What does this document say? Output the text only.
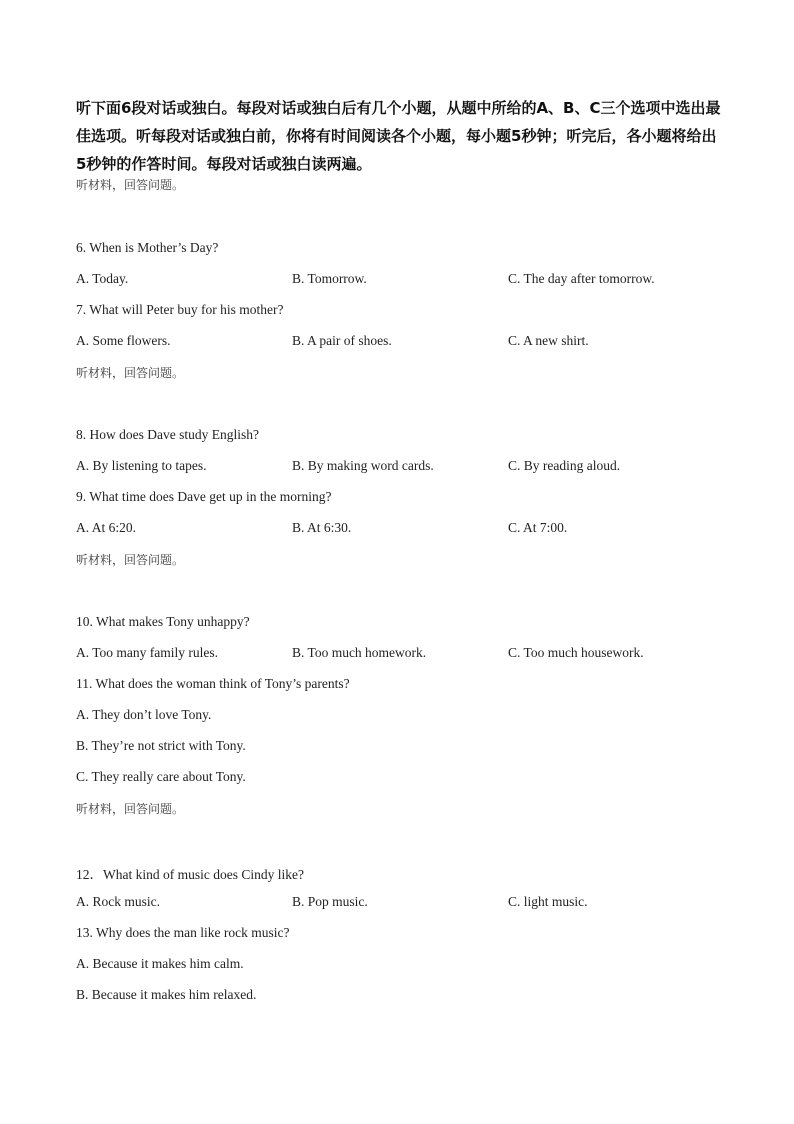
听下面6段对话或独白。每段对话或独白后有几个小题，从题中所给的A、B、C三个选项中选出最佳选项。听每段对话或独白前，你将有时间阅读各个小题，每小题5秒钟；听完后，各小题将给出5秒钟的作答时间。每段对话或独白读两遍。
听材料，回答问题。
6. When is Mother’s Day?
A. Today.	B. Tomorrow.	C. The day after tomorrow.
7. What will Peter buy for his mother?
A. Some flowers.	B. A pair of shoes.	C. A new shirt.
听材料，回答问题。
8. How does Dave study English?
A. By listening to tapes.	B. By making word cards.	C. By reading aloud.
9. What time does Dave get up in the morning?
A. At 6:20.	B. At 6:30.	C. At 7:00.
听材料，回答问题。
10. What makes Tony unhappy?
A. Too many family rules.	B. Too much homework.	C. Too much housework.
11. What does the woman think of Tony’s parents?
A. They don’t love Tony.
B. They’re not strict with Tony.
C. They really care about Tony.
听材料，回答问题。
12．What kind of music does Cindy like?
A. Rock music.	B. Pop music.	C. light music.
13. Why does the man like rock music?
A. Because it makes him calm.
B. Because it makes him relaxed.
